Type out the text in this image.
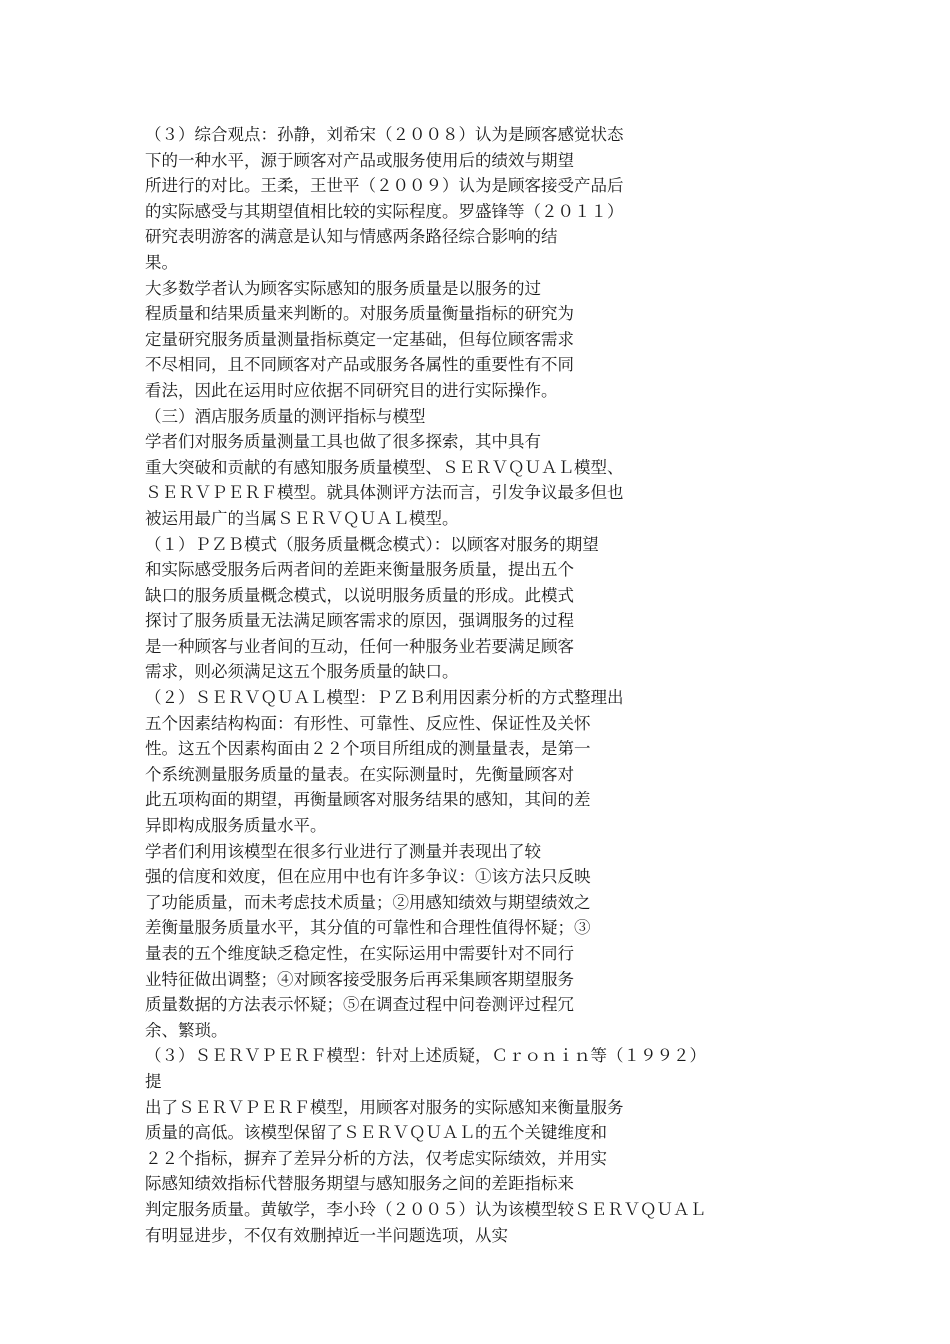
（３）综合观点：孙静，刘希宋（２００８）认为是顾客感觉状态
下的一种水平，源于顾客对产品或服务使用后的绩效与期望
所进行的对比。王柔，王世平（２００９）认为是顾客接受产品后
的实际感受与其期望值相比较的实际程度。罗盛锋等（２０１１）
研究表明游客的满意是认知与情感两条路径综合影响的结
果。
大多数学者认为顾客实际感知的服务质量是以服务的过
程质量和结果质量来判断的。对服务质量衡量指标的研究为
定量研究服务质量测量指标奠定一定基础，但每位顾客需求
不尽相同，且不同顾客对产品或服务各属性的重要性有不同
看法，因此在运用时应依据不同研究目的进行实际操作。
（三）酒店服务质量的测评指标与模型
学者们对服务质量测量工具也做了很多探索，其中具有
重大突破和贡献的有感知服务质量模型、ＳＥＲＶＱＵＡＬ模型、
ＳＥＲＶＰＥＲＦ模型。就具体测评方法而言，引发争议最多但也
被运用最广的当属ＳＥＲＶＱＵＡＬ模型。
（１）ＰＺＢ模式（服务质量概念模式）：以顾客对服务的期望
和实际感受服务后两者间的差距来衡量服务质量，提出五个
缺口的服务质量概念模式，以说明服务质量的形成。此模式
探讨了服务质量无法满足顾客需求的原因，强调服务的过程
是一种顾客与业者间的互动，任何一种服务业若要满足顾客
需求，则必须满足这五个服务质量的缺口。
（２）ＳＥＲＶＱＵＡＬ模型：ＰＺＢ利用因素分析的方式整理出
五个因素结构构面：有形性、可靠性、反应性、保证性及关怀
性。这五个因素构面由２２个项目所组成的测量量表，是第一
个系统测量服务质量的量表。在实际测量时，先衡量顾客对
此五项构面的期望，再衡量顾客对服务结果的感知，其间的差
异即构成服务质量水平。
学者们利用该模型在很多行业进行了测量并表现出了较
强的信度和效度，但在应用中也有许多争议：①该方法只反映
了功能质量，而未考虑技术质量；②用感知绩效与期望绩效之
差衡量服务质量水平，其分值的可靠性和合理性值得怀疑；③
量表的五个维度缺乏稳定性，在实际运用中需要针对不同行
业特征做出调整；④对顾客接受服务后再采集顾客期望服务
质量数据的方法表示怀疑；⑤在调查过程中问卷测评过程冗
余、繁琐。
（３）ＳＥＲＶＰＥＲＦ模型：针对上述质疑，Ｃｒｏｎｉｎ等（１９９２）
提
出了ＳＥＲＶＰＥＲＦ模型，用顾客对服务的实际感知来衡量服务
质量的高低。该模型保留了ＳＥＲＶＱＵＡＬ的五个关键维度和
２２个指标，摒弃了差异分析的方法，仅考虑实际绩效，并用实
际感知绩效指标代替服务期望与感知服务之间的差距指标来
判定服务质量。黄敏学，李小玲（２００５）认为该模型较ＳＥＲＶＱＵＡＬ
有明显进步，不仅有效删掉近一半问题选项，从实
